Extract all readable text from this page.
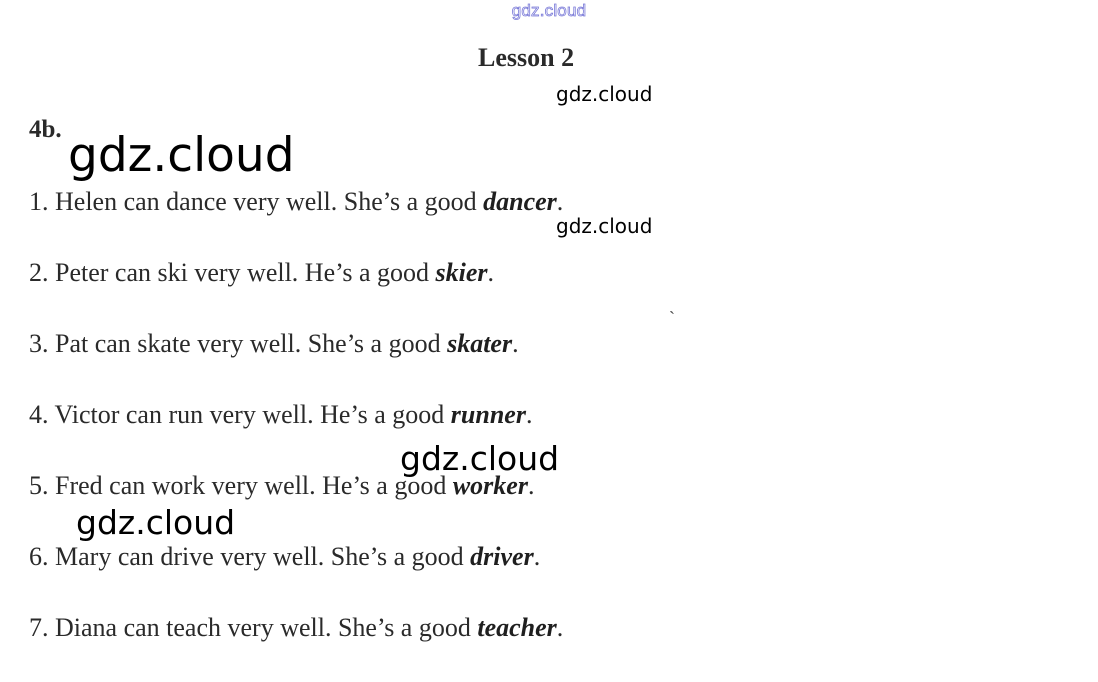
gdz.cloud
Lesson 2
4b.
1. Helen can dance very well. She’s a good dancer.
2. Peter can ski very well. He’s a good skier.
3. Pat can skate very well. She’s a good skater.
4. Victor can run very well. He’s a good runner.
5. Fred can work very well. He’s a good worker.
6. Mary can drive very well. She’s a good driver.
7. Diana can teach very well. She’s a good teacher.
gdz.cloud
gdz.cloud
gdz.cloud
gdz.cloud
gdz.cloud
`
